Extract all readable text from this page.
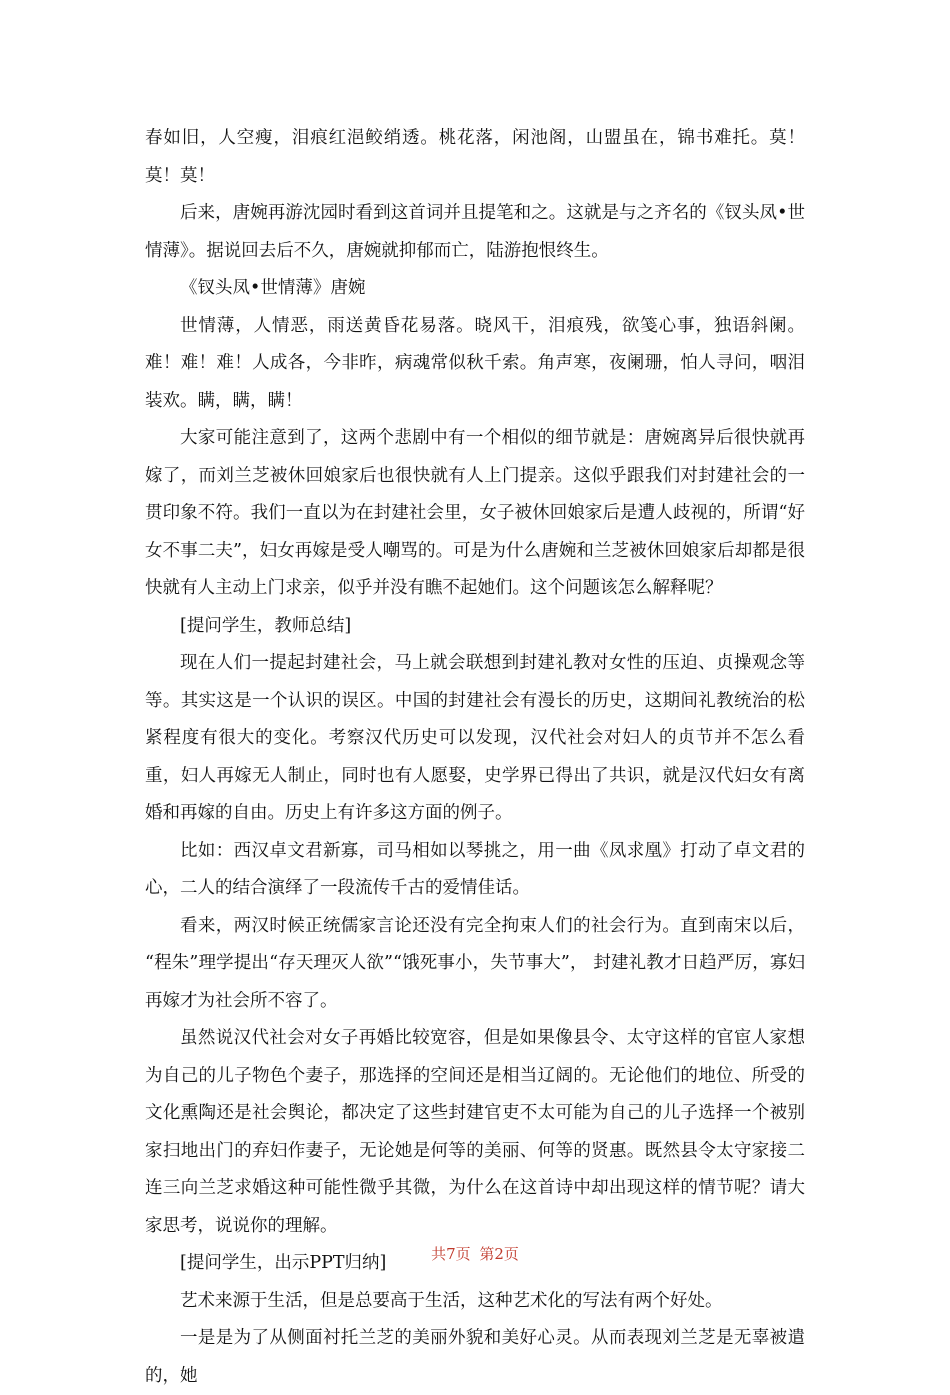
春如旧，人空瘦，泪痕红浥鲛绡透。桃花落，闲池阁，山盟虽在，锦书难托。莫！莫！莫！

后来，唐婉再游沈园时看到这首词并且提笔和之。这就是与之齐名的《钗头凤•世情薄》。据说回去后不久，唐婉就抑郁而亡，陆游抱恨终生。

《钗头凤•世情薄》唐婉

世情薄，人情恶，雨送黄昏花易落。晓风干，泪痕残，欲笺心事，独语斜阑。难！难！难！人成各，今非昨，病魂常似秋千索。角声寒，夜阑珊，怕人寻问，咽泪装欢。瞒，瞒，瞒！

大家可能注意到了，这两个悲剧中有一个相似的细节就是：唐婉离异后很快就再嫁了，而刘兰芝被休回娘家后也很快就有人上门提亲。这似乎跟我们对封建社会的一贯印象不符。我们一直以为在封建社会里，女子被休回娘家后是遭人歧视的，所谓“好女不事二夫”，妇女再嫁是受人嘲骂的。可是为什么唐婉和兰芝被休回娘家后却都是很快就有人主动上门求亲，似乎并没有瞧不起她们。这个问题该怎么解释呢？

[提问学生，教师总结]

现在人们一提起封建社会，马上就会联想到封建礼教对女性的压迫、贞操观念等等。其实这是一个认识的误区。中国的封建社会有漫长的历史，这期间礼教统治的松紧程度有很大的变化。考察汉代历史可以发现，汉代社会对妇人的贞节并不怎么看重，妇人再嫁无人制止，同时也有人愿娶，史学界已得出了共识，就是汉代妇女有离婚和再嫁的自由。历史上有许多这方面的例子。

比如：西汉卓文君新寡，司马相如以琴挑之，用一曲《凤求凰》打动了卓文君的心，二人的结合演绎了一段流传千古的爱情佳话。

看来，两汉时候正统儒家言论还没有完全拘束人们的社会行为。直到南宋以后， “程朱”理学提出“存天理灭人欲”“饿死事小，失节事大”， 封建礼教才日趋严厉，寡妇再嫁才为社会所不容了。

虽然说汉代社会对女子再婚比较宽容，但是如果像县令、太守这样的官宦人家想为自己的儿子物色个妻子，那选择的空间还是相当辽阔的。无论他们的地位、所受的文化熏陶还是社会舆论，都决定了这些封建官吏不太可能为自己的儿子选择一个被别家扫地出门的弃妇作妻子，无论她是何等的美丽、何等的贤惠。既然县令太守家接二连三向兰芝求婚这种可能性微乎其微，为什么在这首诗中却出现这样的情节呢？请大家思考，说说你的理解。

[提问学生，出示PPT归纳]

艺术来源于生活，但是总要高于生活，这种艺术化的写法有两个好处。

一是是为了从侧面衬托兰芝的美丽外貌和美好心灵。从而表现刘兰芝是无辜被遣的，她

共7页 第2页
